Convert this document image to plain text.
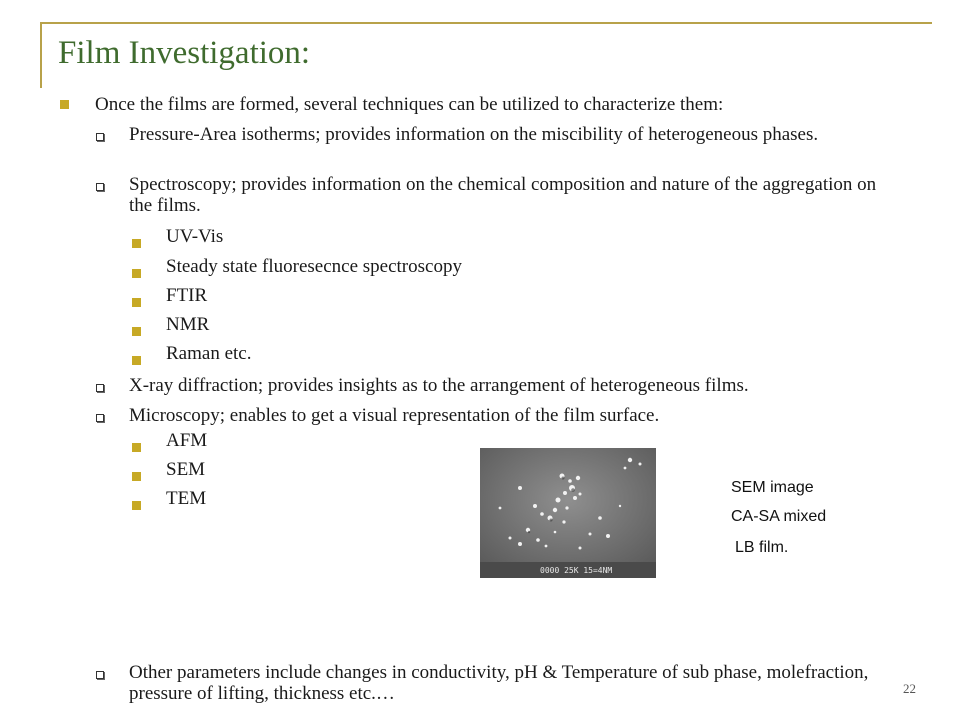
Film Investigation:
Once the films are formed, several techniques can be utilized to characterize them:
Pressure-Area isotherms; provides information on the miscibility of heterogeneous phases.
Spectroscopy; provides information on the chemical composition and nature of the aggregation on the films.
UV-Vis
Steady state fluoresecnce spectroscopy
FTIR
NMR
Raman etc.
X-ray diffraction; provides insights as to the arrangement of heterogeneous films.
Microscopy; enables to get a visual representation of the film surface.
AFM
SEM
TEM
Other parameters include changes in conductivity, pH & Temperature of sub phase, molefraction, pressure of lifting, thickness etc.…
0000 25K 15=4NM
SEM image
CA-SA mixed
LB film.
22
